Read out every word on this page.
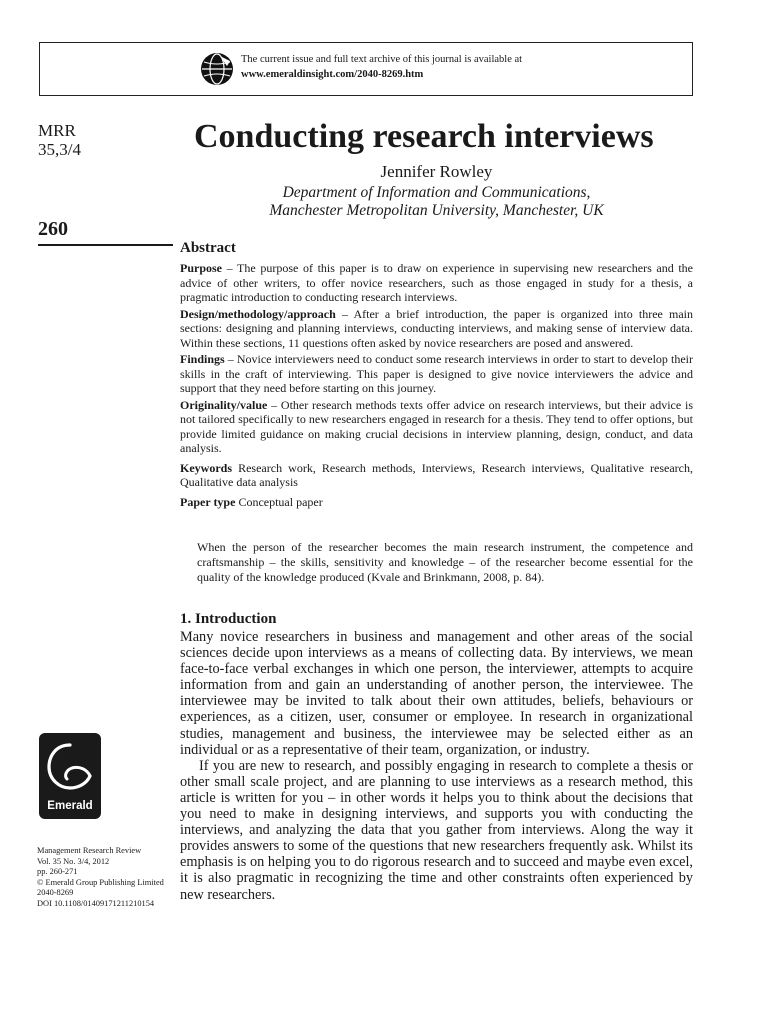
The current issue and full text archive of this journal is available at
www.emeraldinsight.com/2040-8269.htm
MRR
35,3/4
260
Conducting research interviews
Jennifer Rowley
Department of Information and Communications,
Manchester Metropolitan University, Manchester, UK
Abstract

Purpose – The purpose of this paper is to draw on experience in supervising new researchers and the advice of other writers, to offer novice researchers, such as those engaged in study for a thesis, a pragmatic introduction to conducting research interviews.

Design/methodology/approach – After a brief introduction, the paper is organized into three main sections: designing and planning interviews, conducting interviews, and making sense of interview data. Within these sections, 11 questions often asked by novice researchers are posed and answered.

Findings – Novice interviewers need to conduct some research interviews in order to start to develop their skills in the craft of interviewing. This paper is designed to give novice interviewers the advice and support that they need before starting on this journey.

Originality/value – Other research methods texts offer advice on research interviews, but their advice is not tailored specifically to new researchers engaged in research for a thesis. They tend to offer options, but provide limited guidance on making crucial decisions in interview planning, design, conduct, and data analysis.

Keywords Research work, Research methods, Interviews, Research interviews, Qualitative research, Qualitative data analysis

Paper type Conceptual paper

When the person of the researcher becomes the main research instrument, the competence and craftsmanship – the skills, sensitivity and knowledge – of the researcher become essential for the quality of the knowledge produced (Kvale and Brinkmann, 2008, p. 84).
1. Introduction

Many novice researchers in business and management and other areas of the social sciences decide upon interviews as a means of collecting data. By interviews, we mean face-to-face verbal exchanges in which one person, the interviewer, attempts to acquire information from and gain an understanding of another person, the interviewee. The interviewee may be invited to talk about their own attitudes, beliefs, behaviours or experiences, as a citizen, user, consumer or employee. In research in organizational studies, management and business, the interviewee may be selected either as an individual or as a representative of their team, organization, or industry.

If you are new to research, and possibly engaging in research to complete a thesis or other small scale project, and are planning to use interviews as a research method, this article is written for you – in other words it helps you to think about the decisions that you need to make in designing interviews, and supports you with conducting the interviews, and analyzing the data that you gather from interviews. Along the way it provides answers to some of the questions that new researchers frequently ask. Whilst its emphasis is on helping you to do rigorous research and to succeed and maybe even excel, it is also pragmatic in recognizing the time and other constraints often experienced by new researchers.

Emerald
Management Research Review
Vol. 35 No. 3/4, 2012
pp. 260-271
© Emerald Group Publishing Limited
2040-8269
DOI 10.1108/01409171211210154
